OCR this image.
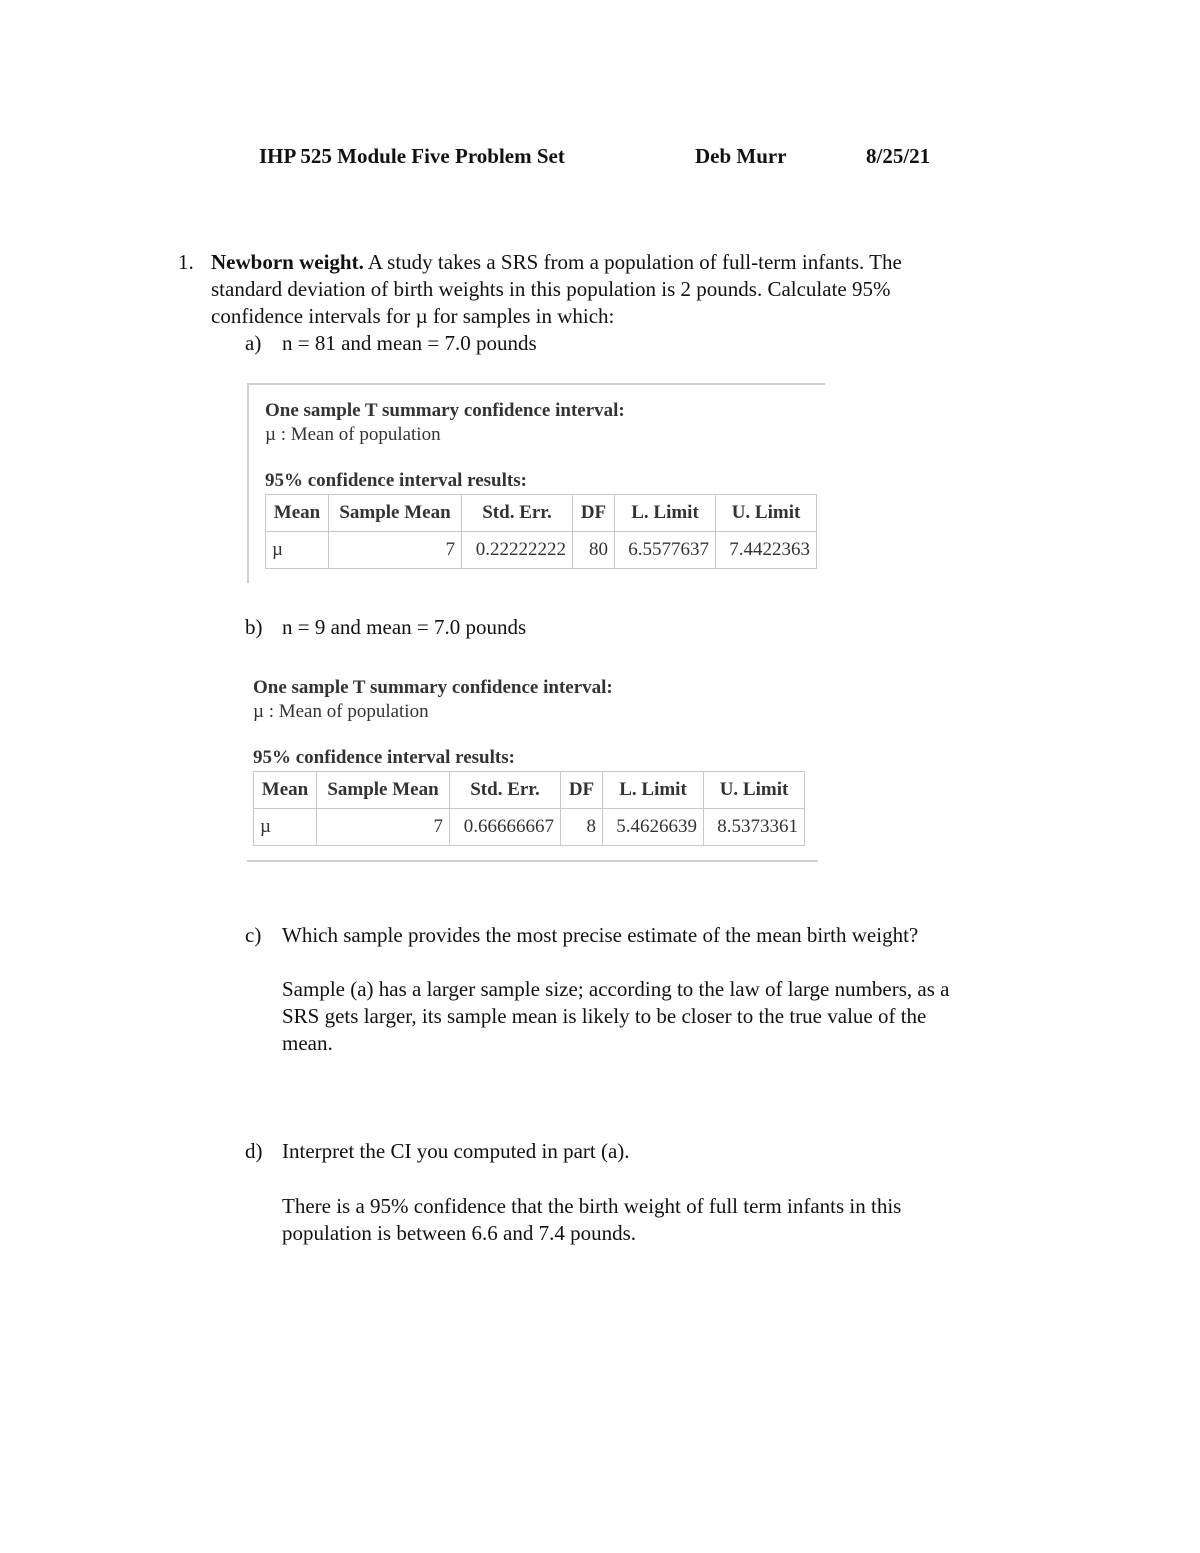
IHP 525 Module Five Problem Set	Deb Murr	8/25/21
1. Newborn weight. A study takes a SRS from a population of full-term infants. The
standard deviation of birth weights in this population is 2 pounds. Calculate 95%
confidence intervals for µ for samples in which:
a) n = 81 and mean = 7.0 pounds
One sample T summary confidence interval:
µ : Mean of population
95% confidence interval results:
Mean	Sample Mean	Std. Err.	DF	L. Limit	U. Limit
µ	7	0.22222222	80	6.5577637	7.4422363
b) n = 9 and mean = 7.0 pounds
One sample T summary confidence interval:
µ : Mean of population
95% confidence interval results:
Mean	Sample Mean	Std. Err.	DF	L. Limit	U. Limit
µ	7	0.66666667	8	5.4626639	8.5373361
c) Which sample provides the most precise estimate of the mean birth weight?
Sample (a) has a larger sample size; according to the law of large numbers, as a
SRS gets larger, its sample mean is likely to be closer to the true value of the
mean.
d) Interpret the CI you computed in part (a).
There is a 95% confidence that the birth weight of full term infants in this
population is between 6.6 and 7.4 pounds.
